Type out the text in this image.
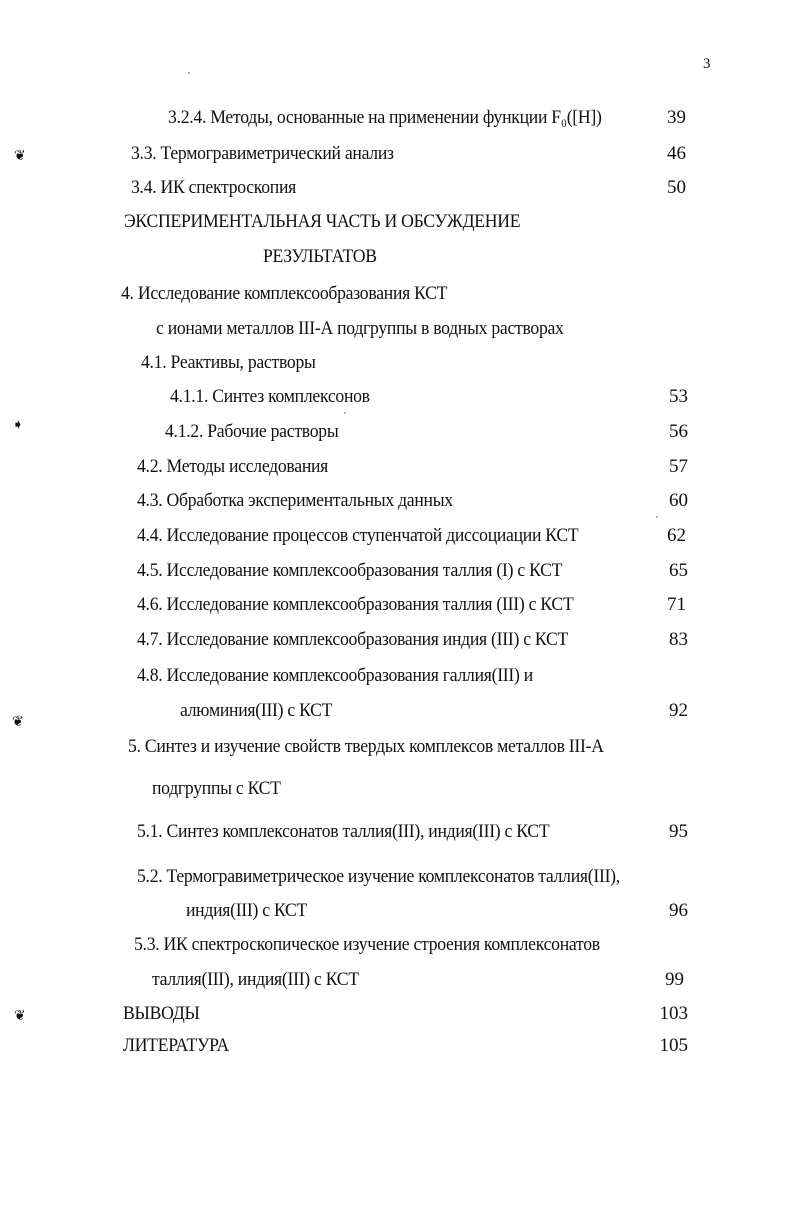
3
❦
➧
❦
❦
3.2.4. Методы, основанные на применении функции F₀([H])	39
3.3. Термогравиметрический анализ	46
3.4. ИК спектроскопия	50
ЭКСПЕРИМЕНТАЛЬНАЯ ЧАСТЬ И ОБСУЖДЕНИЕ
РЕЗУЛЬТАТОВ
4. Исследование комплексообразования КСТ
с ионами металлов III-А подгруппы в водных растворах
4.1. Реактивы, растворы
4.1.1. Синтез комплексонов	53
4.1.2. Рабочие растворы	56
4.2. Методы исследования	57
4.3. Обработка экспериментальных данных	60
4.4. Исследование процессов ступенчатой диссоциации КСТ	62
4.5. Исследование комплексообразования таллия (I) с КСТ	65
4.6. Исследование комплексообразования таллия (III) с КСТ	71
4.7. Исследование комплексообразования индия (III) с КСТ	83
4.8. Исследование комплексообразования галлия(III) и
алюминия(III) с КСТ	92
5. Синтез и изучение свойств твердых комплексов металлов III-А
подгруппы с КСТ
5.1. Синтез комплексонатов таллия(III), индия(III) с КСТ	95
5.2. Термогравиметрическое изучение комплексонатов таллия(III),
индия(III) с КСТ	96
5.3. ИК спектроскопическое изучение строения комплексонатов
таллия(III), индия(III) с КСТ	99
ВЫВОДЫ	103
ЛИТЕРАТУРА	105
